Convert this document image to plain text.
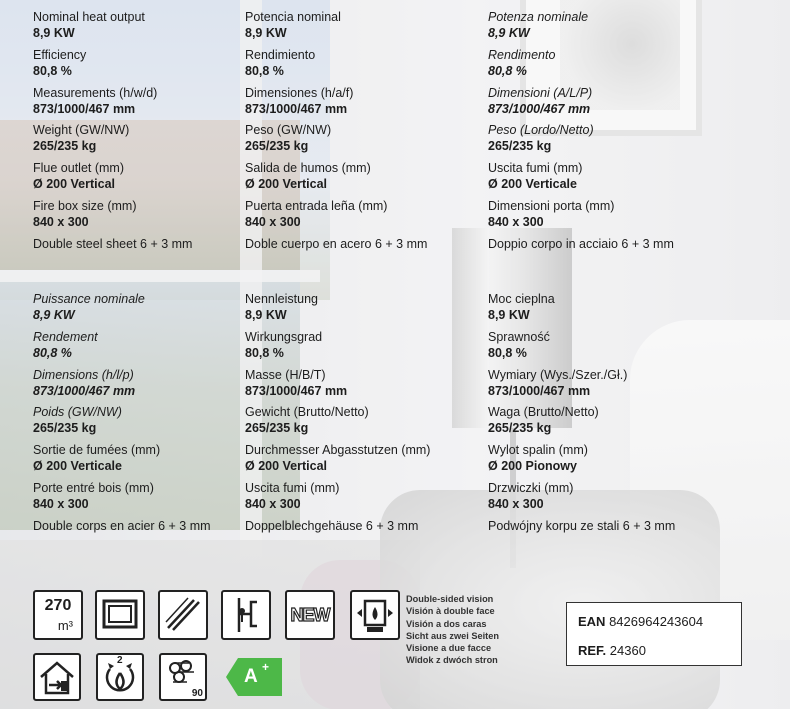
Nominal heat output
8,9 KW
Efficiency
80,8 %
Measurements (h/w/d)
873/1000/467 mm
Weight (GW/NW)
265/235 kg
Flue outlet (mm)
Ø 200 Vertical
Fire box size (mm)
840 x 300
Double steel sheet 6 + 3 mm
Potencia nominal
8,9 KW
Rendimiento
80,8 %
Dimensiones (h/a/f)
873/1000/467 mm
Peso (GW/NW)
265/235 kg
Salida de humos (mm)
Ø 200 Vertical
Puerta entrada leña (mm)
840 x 300
Doble cuerpo en acero 6 + 3 mm
Potenza nominale
8,9 KW
Rendimento
80,8 %
Dimensioni (A/L/P)
873/1000/467 mm
Peso (Lordo/Netto)
265/235 kg
Uscita fumi (mm)
Ø 200 Verticale
Dimensioni porta (mm)
840 x 300
Doppio corpo in acciaio 6 + 3 mm
Puissance nominale
8,9 KW
Rendement
80,8 %
Dimensions (h/l/p)
873/1000/467 mm
Poids (GW/NW)
265/235 kg
Sortie de fumées (mm)
Ø 200 Verticale
Porte entré bois (mm)
840 x 300
Double corps en acier 6 + 3 mm
Nennleistung
8,9 KW
Wirkungsgrad
80,8 %
Masse (H/B/T)
873/1000/467 mm
Gewicht (Brutto/Netto)
265/235 kg
Durchmesser Abgasstutzen (mm)
Ø 200 Vertical
Uscita fumi (mm)
840 x 300
Doppelblechgehäuse 6 + 3 mm
Moc cieplna
8,9 KW
Sprawność
80,8 %
Wymiary (Wys./Szer./Gł.)
873/1000/467 mm
Waga (Brutto/Netto)
265/235 kg
Wylot spalin (mm)
Ø 200 Pionowy
Drzwiczki (mm)
840 x 300
Podwójny korpu ze stali 6 + 3 mm
270
m³
NEW
Double-sided vision
Visión à double face
Visión a dos caras
Sicht aus zwei Seiten
Visione a due facce
Widok z dwóch stron
EAN 8426964243604
REF. 24360
2
90
A +
